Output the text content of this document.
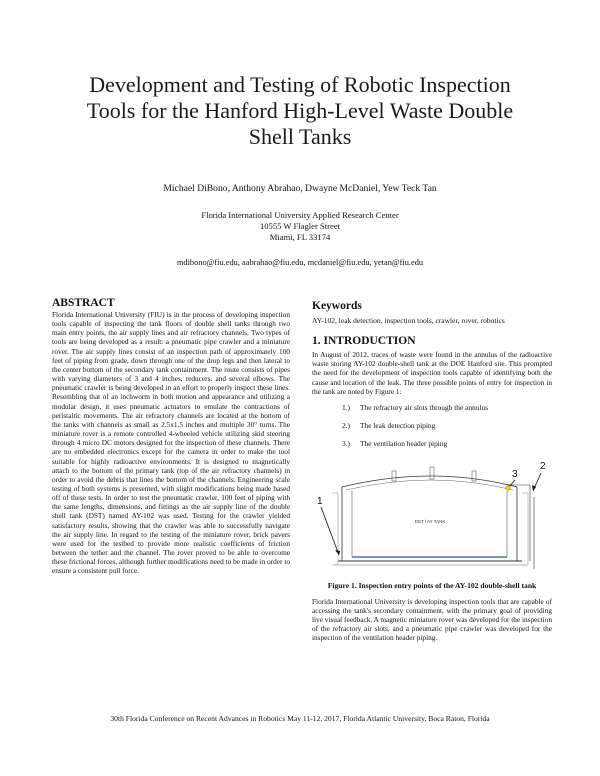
Development and Testing of Robotic Inspection
Tools for the Hanford High-Level Waste Double
Shell Tanks
Michael DiBono, Anthony Abrahao, Dwayne McDaniel, Yew Teck Tan
Florida International University Applied Research Center
10555 W Flagler Street
Miami, FL 33174
mdibono@fiu.edu, aabrahao@fiu.edu, mcdaniel@fiu.edu, yetan@fiu.edu
ABSTRACT
Florida International University (FIU) is in the process of developing inspection tools capable of inspecting the tank floors of double shell tanks through two main entry points, the air supply lines and air refractory channels. Two types of tools are being developed as a result: a pneumatic pipe crawler and a miniature rover. The air supply lines consist of an inspection path of approximately 100 feet of piping from grade, down through one of the drop legs and then lateral to the center bottom of the secondary tank containment. The route consists of pipes with varying diameters of 3 and 4 inches, reducers, and several elbows. The pneumatic crawler is being developed in an effort to properly inspect these lines. Resembling that of an inchworm in both motion and appearance and utilizing a modular design, it uses pneumatic actuators to emulate the contractions of peristaltic movements. The air refractory channels are located at the bottom of the tanks with channels as small as 2.5x1.5 inches and multiple 30° turns. The miniature rover is a remote controlled 4-wheeled vehicle utilizing skid steering through 4 micro DC motors designed for the inspection of these channels. There are no embedded electronics except for the camera in order to make the tool suitable for highly radioactive environments. It is designed to magnetically attach to the bottom of the primary tank (top of the air refractory channels) in order to avoid the debris that lines the bottom of the channels. Engineering scale testing of both systems is presented, with slight modifications being made based off of these tests. In order to test the pneumatic crawler, 100 feet of piping with the same lengths, dimensions, and fittings as the air supply line of the double shell tank (DST) named AY-102 was used. Testing for the crawler yielded satisfactory results, showing that the crawler was able to successfully navigate the air supply line. In regard to the testing of the miniature rover, brick pavers were used for the testbed to provide more realistic coefficients of friction between the tether and the channel. The rover proved to be able to overcome these frictional forces, although further modifications need to be made in order to ensure a consistent pull force.
Keywords
AY-102, leak detection, inspection tools, crawler, rover, robotics
1. INTRODUCTION
In August of 2012, traces of waste were found in the annulus of the radioactive waste storing AY-102 double-shell tank at the DOE Hanford site. This prompted the need for the development of inspection tools capable of identifying both the cause and location of the leak. The three possible points of entry for inspection in the tank are noted by Figure 1:
1.)	The refractory air slots through the annulus
2.)	The leak detection piping
3.)	The ventilation header piping
DST / AY TANK
1
2
3
Figure 1. Inspection entry points of the AY-102 double-shell tank
Florida International University is developing inspection tools that are capable of accessing the tank's secondary containment, with the primary goal of providing live visual feedback. A magnetic miniature rover was developed for the inspection of the refractory air slots, and a pneumatic pipe crawler was developed for the inspection of the ventilation header piping.
30th Florida Conference on Recent Advances in Robotics May 11-12, 2017, Florida Atlantic University, Boca Raton, Florida
